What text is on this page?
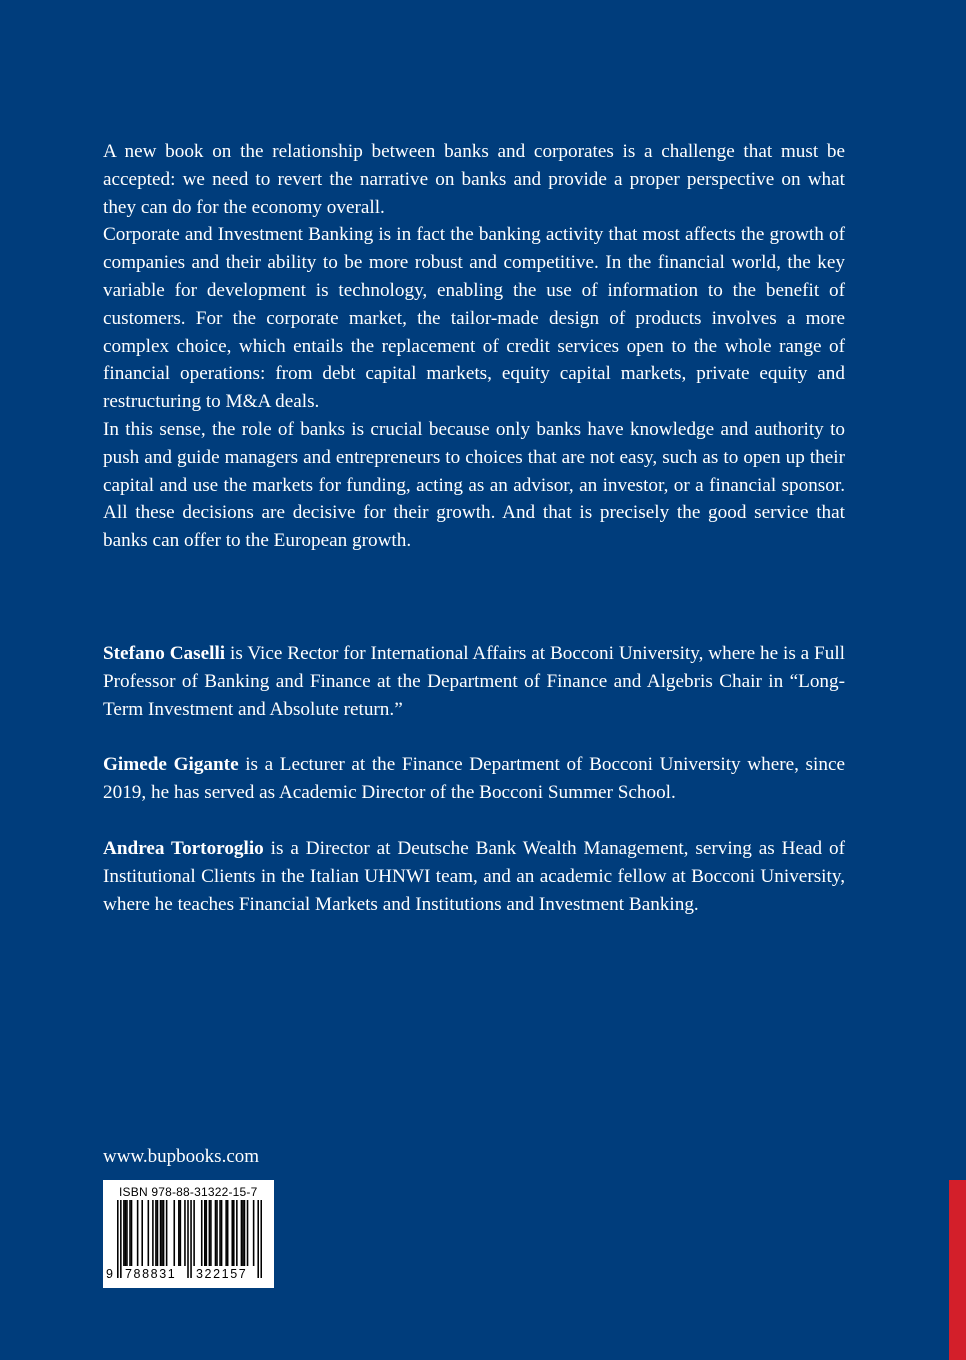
A new book on the relationship between banks and corporates is a challenge that must be accepted: we need to revert the narrative on banks and provide a proper perspective on what they can do for the economy overall.

Corporate and Investment Banking is in fact the banking activity that most affects the growth of companies and their ability to be more robust and competitive. In the financial world, the key variable for development is technology, enabling the use of information to the benefit of customers. For the corporate market, the tailor-made design of products involves a more complex choice, which entails the replacement of credit services open to the whole range of financial operations: from debt capital markets, equity capital markets, private equity and restructuring to M&A deals.

In this sense, the role of banks is crucial because only banks have knowledge and authority to push and guide managers and entrepreneurs to choices that are not easy, such as to open up their capital and use the markets for funding, acting as an advisor, an investor, or a financial sponsor. All these decisions are decisive for their growth. And that is precisely the good service that banks can offer to the European growth.

Stefano Caselli is Vice Rector for International Affairs at Bocconi University, where he is a Full Professor of Banking and Finance at the Department of Finance and Algebris Chair in “Long-Term Investment and Absolute return.”

Gimede Gigante is a Lecturer at the Finance Department of Bocconi University where, since 2019, he has served as Academic Director of the Bocconi Summer School.

Andrea Tortoroglio is a Director at Deutsche Bank Wealth Management, serving as Head of Institutional Clients in the Italian UHNWI team, and an academic fellow at Bocconi University, where he teaches Financial Markets and Institutions and Investment Banking.

www.bupbooks.com
ISBN 978-88-31322-15-7
9 788831 322157
